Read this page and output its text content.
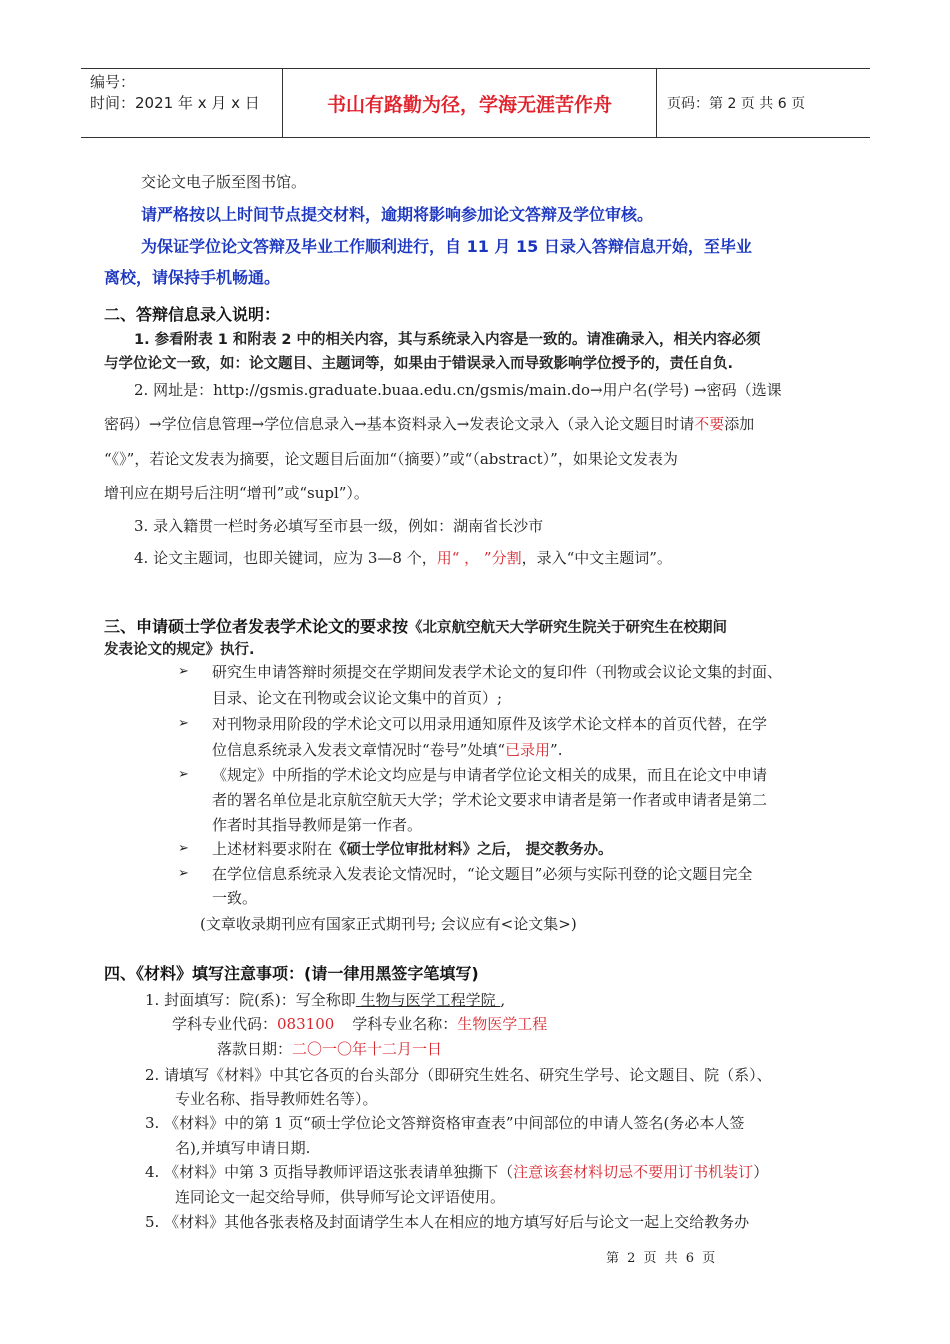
编号：
时间：2021 年 x 月 x 日	书山有路勤为径，学海无涯苦作舟	页码：第 2 页 共 6 页
交论文电子版至图书馆。
请严格按以上时间节点提交材料，逾期将影响参加论文答辩及学位审核。
为保证学位论文答辩及毕业工作顺利进行，自 11 月 15 日录入答辩信息开始，至毕业
离校，请保持手机畅通。
二、答辩信息录入说明：
1. 参看附表 1 和附表 2 中的相关内容，其与系统录入内容是一致的。请准确录入，相关内容必须
与学位论文一致，如：论文题目、主题词等，如果由于错误录入而导致影响学位授予的，责任自负.
2. 网址是：http://gsmis.graduate.buaa.edu.cn/gsmis/main.do→用户名(学号) →密码（选课
密码）→学位信息管理→学位信息录入→基本资料录入→发表论文录入（录入论文题目时请不要添加
“《》”，若论文发表为摘要，论文题目后面加“（摘要）”或“（abstract）”，如果论文发表为
增刊应在期号后注明“增刊”或“supl”）。
3. 录入籍贯一栏时务必填写至市县一级，例如：湖南省长沙市
4. 论文主题词，也即关键词，应为 3—8 个，用“ ， ”分割，录入“中文主题词”。
三、申请硕士学位者发表学术论文的要求按《北京航空航天大学研究生院关于研究生在校期间
发表论文的规定》执行.
➢ 研究生申请答辩时须提交在学期间发表学术论文的复印件（刊物或会议论文集的封面、
目录、论文在刊物或会议论文集中的首页）;
➢ 对刊物录用阶段的学术论文可以用录用通知原件及该学术论文样本的首页代替，在学
位信息系统录入发表文章情况时“卷号”处填“已录用”.
➢ 《规定》中所指的学术论文均应是与申请者学位论文相关的成果，而且在论文中申请
者的署名单位是北京航空航天大学；学术论文要求申请者是第一作者或申请者是第二
作者时其指导教师是第一作者。
➢ 上述材料要求附在《硕士学位审批材料》之后， 提交教务办。
➢ 在学位信息系统录入发表论文情况时，“论文题目”必须与实际刊登的论文题目完全
一致。
(文章收录期刊应有国家正式期刊号; 会议应有<论文集>)
四、《材料》填写注意事项：(请一律用黑签字笔填写)
1. 封面填写：院(系)：写全称即 生物与医学工程学院 ,
学科专业代码：083100 学科专业名称：生物医学工程
落款日期：二〇一〇年十二月一日
2. 请填写《材料》中其它各页的台头部分（即研究生姓名、研究生学号、论文题目、院（系）、
专业名称、指导教师姓名等）。
3. 《材料》中的第 1 页“硕士学位论文答辩资格审查表”中间部位的申请人签名(务必本人签
名),并填写申请日期.
4. 《材料》中第 3 页指导教师评语这张表请单独撕下（注意该套材料切忌不要用订书机装订）
连同论文一起交给导师，供导师写论文评语使用。
5. 《材料》其他各张表格及封面请学生本人在相应的地方填写好后与论文一起上交给教务办
第 2 页 共 6 页
